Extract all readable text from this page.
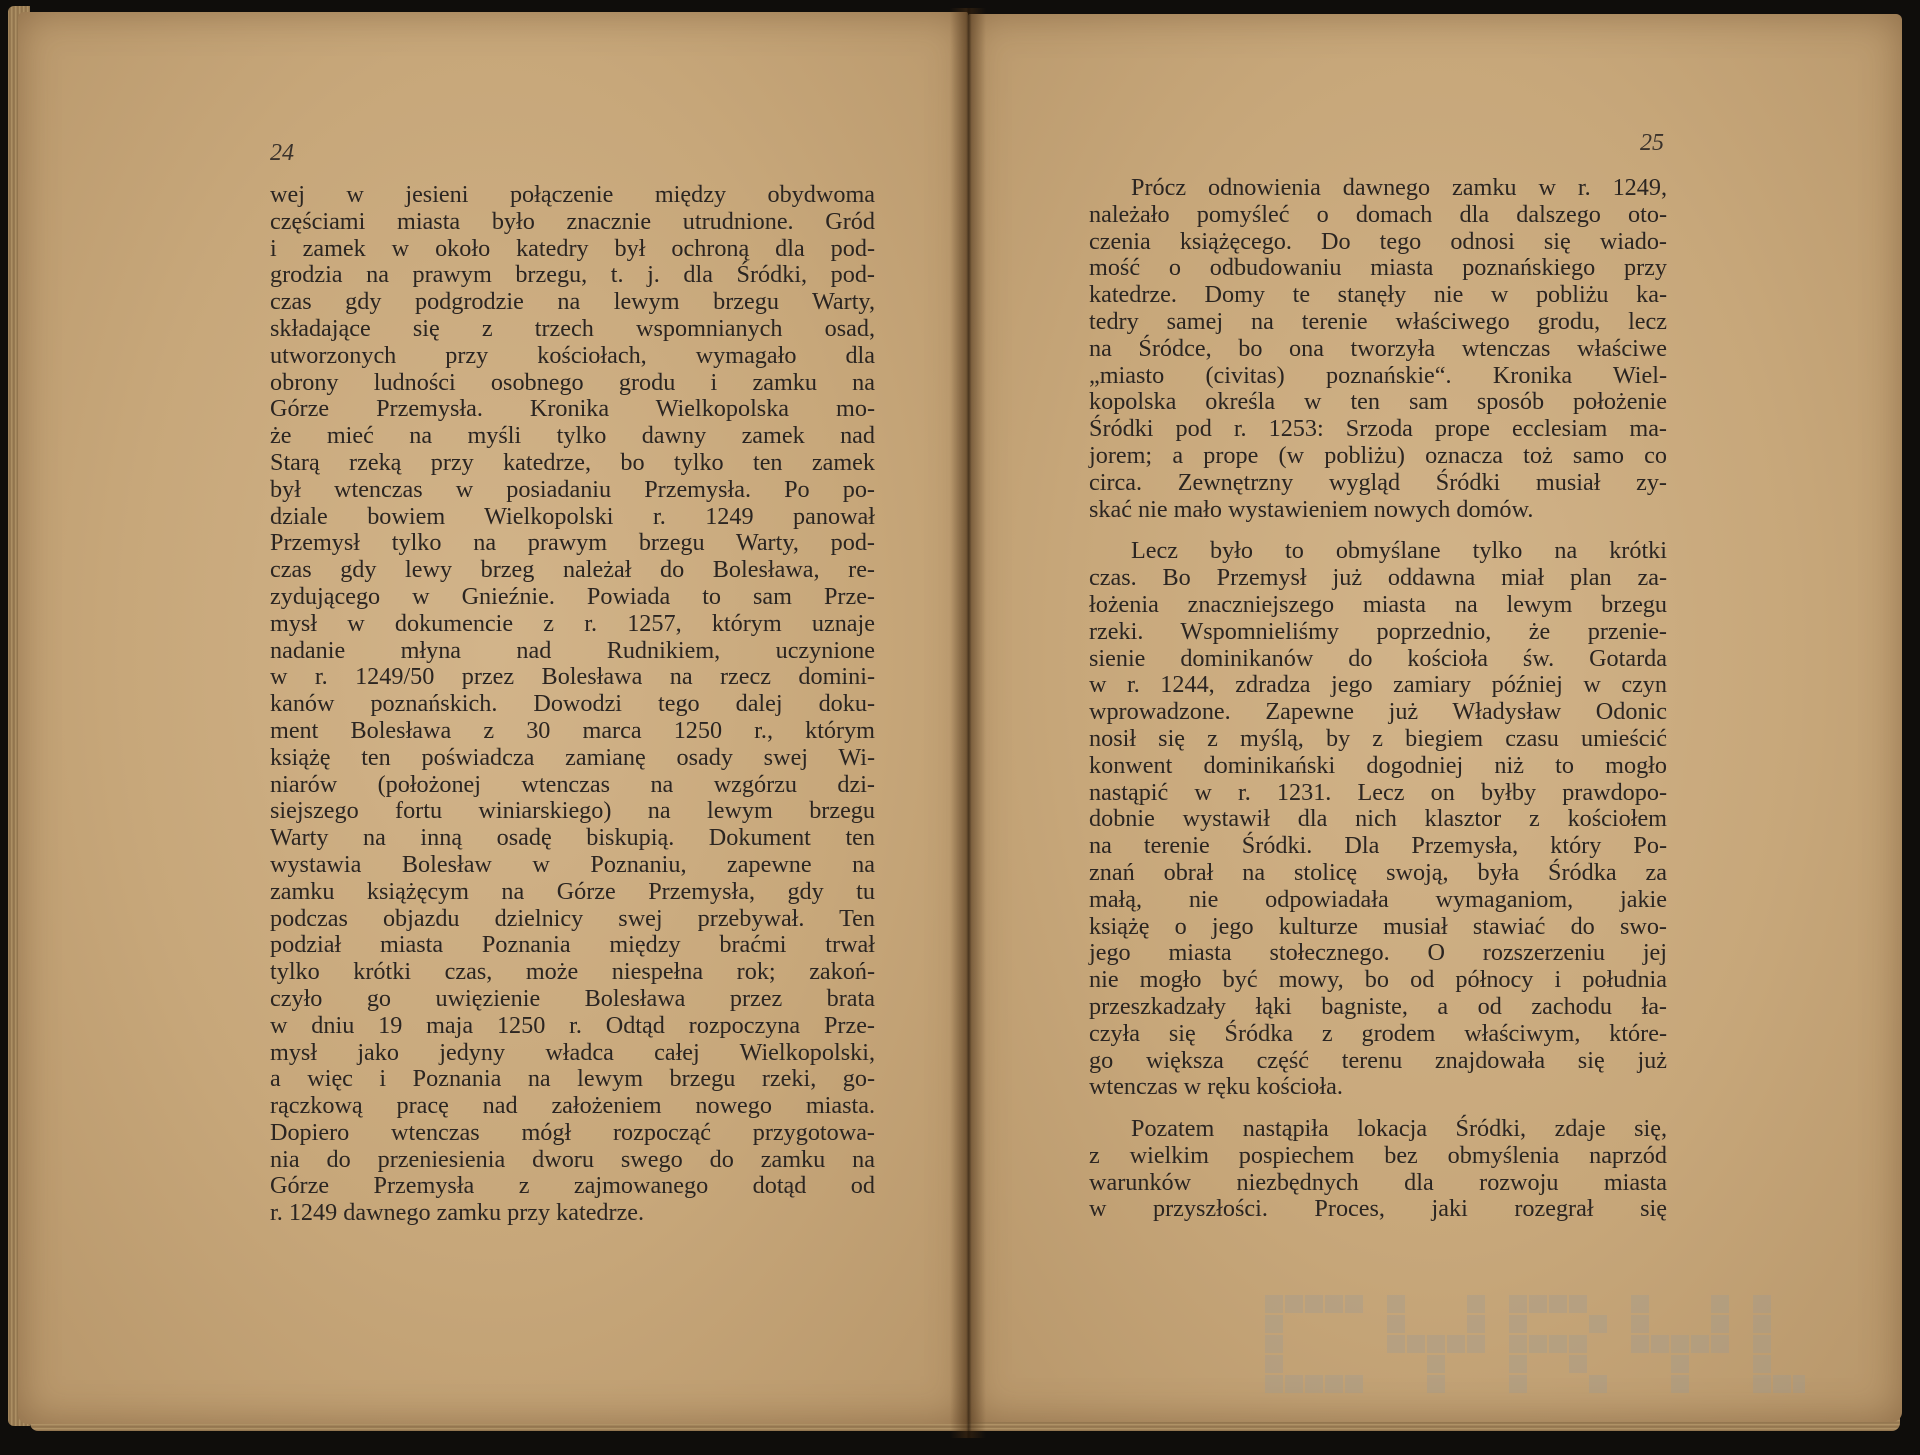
24
wej w jesieni połączenie między obydwoma
częściami miasta było znacznie utrudnione. Gród
i zamek w około katedry był ochroną dla pod-
grodzia na prawym brzegu, t. j. dla Śródki, pod-
czas gdy podgrodzie na lewym brzegu Warty,
składające się z trzech wspomnianych osad,
utworzonych przy kościołach, wymagało dla
obrony ludności osobnego grodu i zamku na
Górze Przemysła. Kronika Wielkopolska mo-
że mieć na myśli tylko dawny zamek nad
Starą rzeką przy katedrze, bo tylko ten zamek
był wtenczas w posiadaniu Przemysła. Po po-
dziale bowiem Wielkopolski r. 1249 panował
Przemysł tylko na prawym brzegu Warty, pod-
czas gdy lewy brzeg należał do Bolesława, re-
zydującego w Gnieźnie. Powiada to sam Prze-
mysł w dokumencie z r. 1257, którym uznaje
nadanie młyna nad Rudnikiem, uczynione
w r. 1249/50 przez Bolesława na rzecz domini-
kanów poznańskich. Dowodzi tego dalej doku-
ment Bolesława z 30 marca 1250 r., którym
książę ten poświadcza zamianę osady swej Wi-
niarów (położonej wtenczas na wzgórzu dzi-
siejszego fortu winiarskiego) na lewym brzegu
Warty na inną osadę biskupią. Dokument ten
wystawia Bolesław w Poznaniu, zapewne na
zamku książęcym na Górze Przemysła, gdy tu
podczas objazdu dzielnicy swej przebywał. Ten
podział miasta Poznania między braćmi trwał
tylko krótki czas, może niespełna rok; zakoń-
czyło go uwięzienie Bolesława przez brata
w dniu 19 maja 1250 r. Odtąd rozpoczyna Prze-
mysł jako jedyny władca całej Wielkopolski,
a więc i Poznania na lewym brzegu rzeki, go-
rączkową pracę nad założeniem nowego miasta.
Dopiero wtenczas mógł rozpocząć przygotowa-
nia do przeniesienia dworu swego do zamku na
Górze Przemysła z zajmowanego dotąd od
r. 1249 dawnego zamku przy katedrze.
25
Prócz odnowienia dawnego zamku w r. 1249,
należało pomyśleć o domach dla dalszego oto-
czenia książęcego. Do tego odnosi się wiado-
mość o odbudowaniu miasta poznańskiego przy
katedrze. Domy te stanęły nie w pobliżu ka-
tedry samej na terenie właściwego grodu, lecz
na Śródce, bo ona tworzyła wtenczas właściwe
„miasto (civitas) poznańskie“. Kronika Wiel-
kopolska określa w ten sam sposób położenie
Śródki pod r. 1253: Srzoda prope ecclesiam ma-
jorem; a prope (w pobliżu) oznacza toż samo co
circa. Zewnętrzny wygląd Śródki musiał zy-
skać nie mało wystawieniem nowych domów.
Lecz było to obmyślane tylko na krótki
czas. Bo Przemysł już oddawna miał plan za-
łożenia znaczniejszego miasta na lewym brzegu
rzeki. Wspomnieliśmy poprzednio, że przenie-
sienie dominikanów do kościoła św. Gotarda
w r. 1244, zdradza jego zamiary później w czyn
wprowadzone. Zapewne już Władysław Odonic
nosił się z myślą, by z biegiem czasu umieścić
konwent dominikański dogodniej niż to mogło
nastąpić w r. 1231. Lecz on byłby prawdopo-
dobnie wystawił dla nich klasztor z kościołem
na terenie Śródki. Dla Przemysła, który Po-
znań obrał na stolicę swoją, była Śródka za
małą, nie odpowiadała wymaganiom, jakie
książę o jego kulturze musiał stawiać do swo-
jego miasta stołecznego. O rozszerzeniu jej
nie mogło być mowy, bo od północy i południa
przeszkadzały łąki bagniste, a od zachodu ła-
czyła się Śródka z grodem właściwym, które-
go większa część terenu znajdowała się już
wtenczas w ręku kościoła.
Pozatem nastąpiła lokacja Śródki, zdaje się,
z wielkim pospiechem bez obmyślenia naprzód
warunków niezbędnych dla rozwoju miasta
w przyszłości. Proces, jaki rozegrał się
